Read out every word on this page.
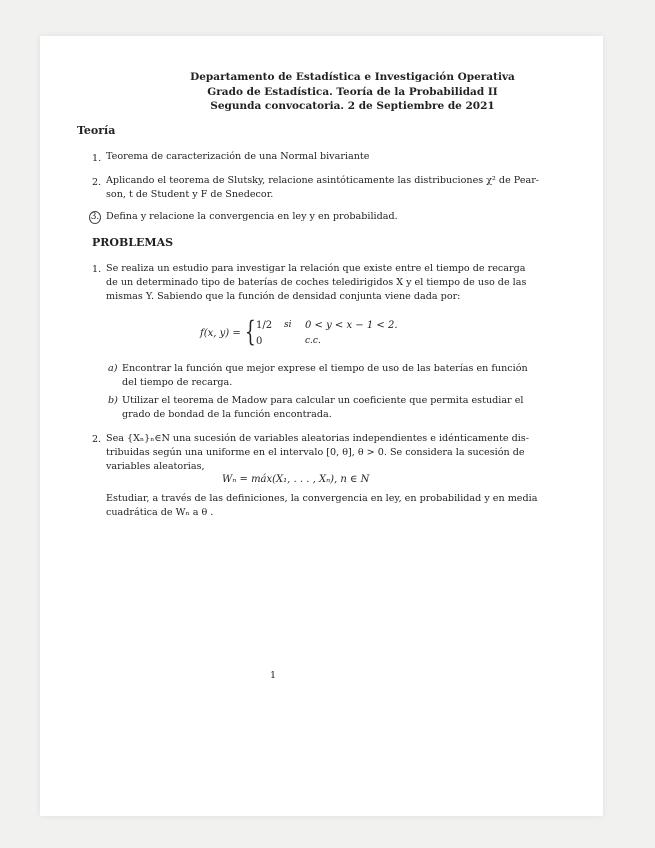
Departamento de Estadística e Investigación Operativa
Grado de Estadística. Teoría de la Probabilidad II
Segunda convocatoria. 2 de Septiembre de 2021
Teoría
1. Teorema de caracterización de una Normal bivariante
2. Aplicando el teorema de Slutsky, relacione asintóticamente las distribuciones χ² de Pear-
son, t de Student y F de Snedecor.
3. Defina y relacione la convergencia en ley y en probabilidad.
PROBLEMAS
1. Se realiza un estudio para investigar la relación que existe entre el tiempo de recarga
de un determinado tipo de baterías de coches teledirigidos X y el tiempo de uso de las
mismas Y. Sabiendo que la función de densidad conjunta viene dada por:
f(x, y) = { 1/2 si 0 < y < x − 1 < 2.
0	c.c.
a) Encontrar la función que mejor exprese el tiempo de uso de las baterías en función
del tiempo de recarga.
b) Utilizar el teorema de Madow para calcular un coeficiente que permita estudiar el
grado de bondad de la función encontrada.
2. Sea {Xₙ}ₙ∈N una sucesión de variables aleatorias independientes e idénticamente dis-
tribuidas según una uniforme en el intervalo [0, θ], θ > 0. Se considera la sucesión de
variables aleatorias,
Wₙ = máx(X₁, . . . , Xₙ), n ∈ N
Estudiar, a través de las definiciones, la convergencia en ley, en probabilidad y en media
cuadrática de Wₙ a θ .
1
